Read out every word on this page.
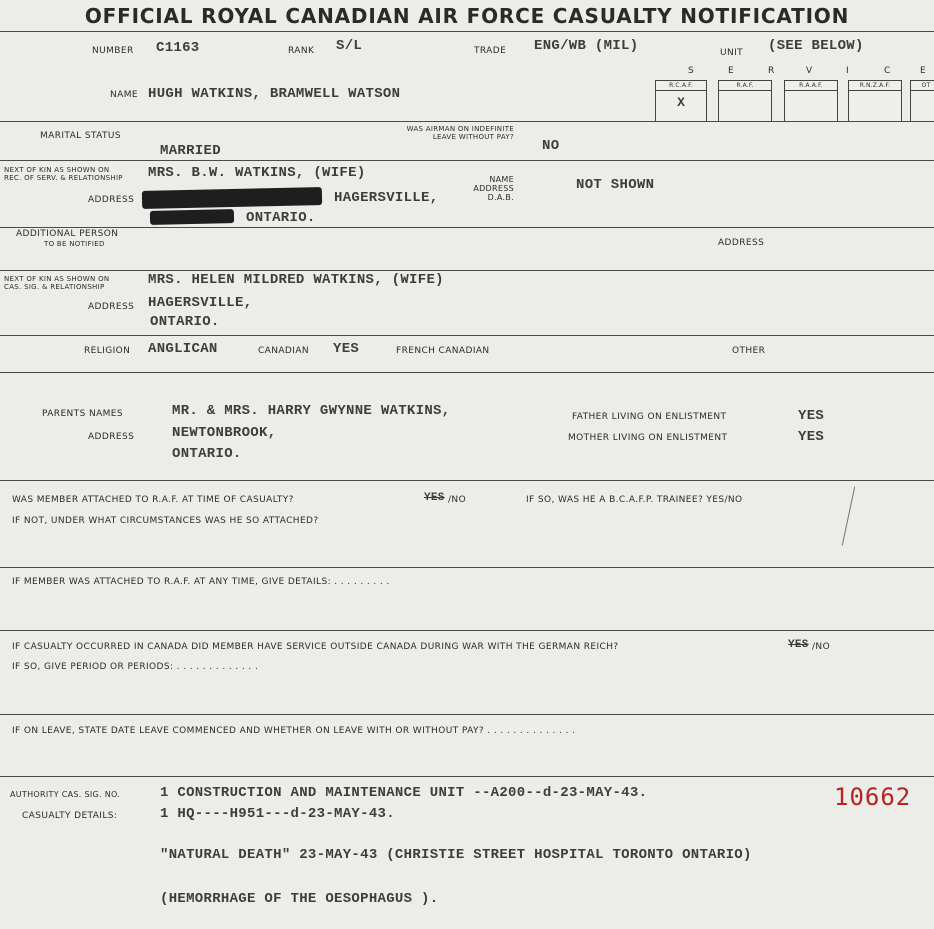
OFFICIAL ROYAL CANADIAN AIR FORCE CASUALTY NOTIFICATION
NUMBER C1163	RANK S/L	TRADE ENG/WB (MIL)	UNIT (SEE BELOW)
S	E	R	V	I	C	E
R.C.A.F.
X
R.A.F.	R.A.A.F.	R.N.Z.A.F.	OT
NAME HUGH WATKINS, BRAMWELL WATSON
MARITAL STATUS
MARRIED
WAS AIRMAN ON INDEFINITE
LEAVE WITHOUT PAY?
NO
NEXT OF KIN AS SHOWN ON
REC. OF SERV. & RELATIONSHIP MRS. B.W. WATKINS, (WIFE)
ADDRESS	HAGERSVILLE,
ONTARIO.
NAME
ADDRESS
D.A.B.
NOT SHOWN
ADDITIONAL PERSON
TO BE NOTIFIED	ADDRESS
NEXT OF KIN AS SHOWN ON
CAS. SIG. & RELATIONSHIP	MRS. HELEN MILDRED WATKINS, (WIFE)
ADDRESS HAGERSVILLE,
ONTARIO.
RELIGION ANGLICAN	CANADIAN YES	FRENCH CANADIAN	OTHER
PARENTS NAMES	MR. & MRS. HARRY GWYNNE WATKINS,
ADDRESS	NEWTONBROOK,
ONTARIO.
FATHER LIVING ON ENLISTMENT	YES
MOTHER LIVING ON ENLISTMENT	YES
WAS MEMBER ATTACHED TO R.A.F. AT TIME OF CASUALTY?	YES /NO	IF SO, WAS HE A B.C.A.F.P. TRAINEE? YES/NO
IF NOT, UNDER WHAT CIRCUMSTANCES WAS HE SO ATTACHED?
IF MEMBER WAS ATTACHED TO R.A.F. AT ANY TIME, GIVE DETAILS: . . . . . . . . .
IF CASUALTY OCCURRED IN CANADA DID MEMBER HAVE SERVICE OUTSIDE CANADA DURING WAR WITH THE GERMAN REICH?	YES /NO
IF SO, GIVE PERIOD OR PERIODS: . . . . . . . . . . . . .
IF ON LEAVE, STATE DATE LEAVE COMMENCED AND WHETHER ON LEAVE WITH OR WITHOUT PAY? . . . . . . . . . . . . . .
AUTHORITY CAS. SIG. NO.	1 CONSTRUCTION AND MAINTENANCE UNIT --A200--d-23-MAY-43.
CASUALTY DETAILS:	1 HQ----H951---d-23-MAY-43.
10662
"NATURAL DEATH" 23-MAY-43 (CHRISTIE STREET HOSPITAL TORONTO ONTARIO)
(HEMORRHAGE OF THE OESOPHAGUS ).
